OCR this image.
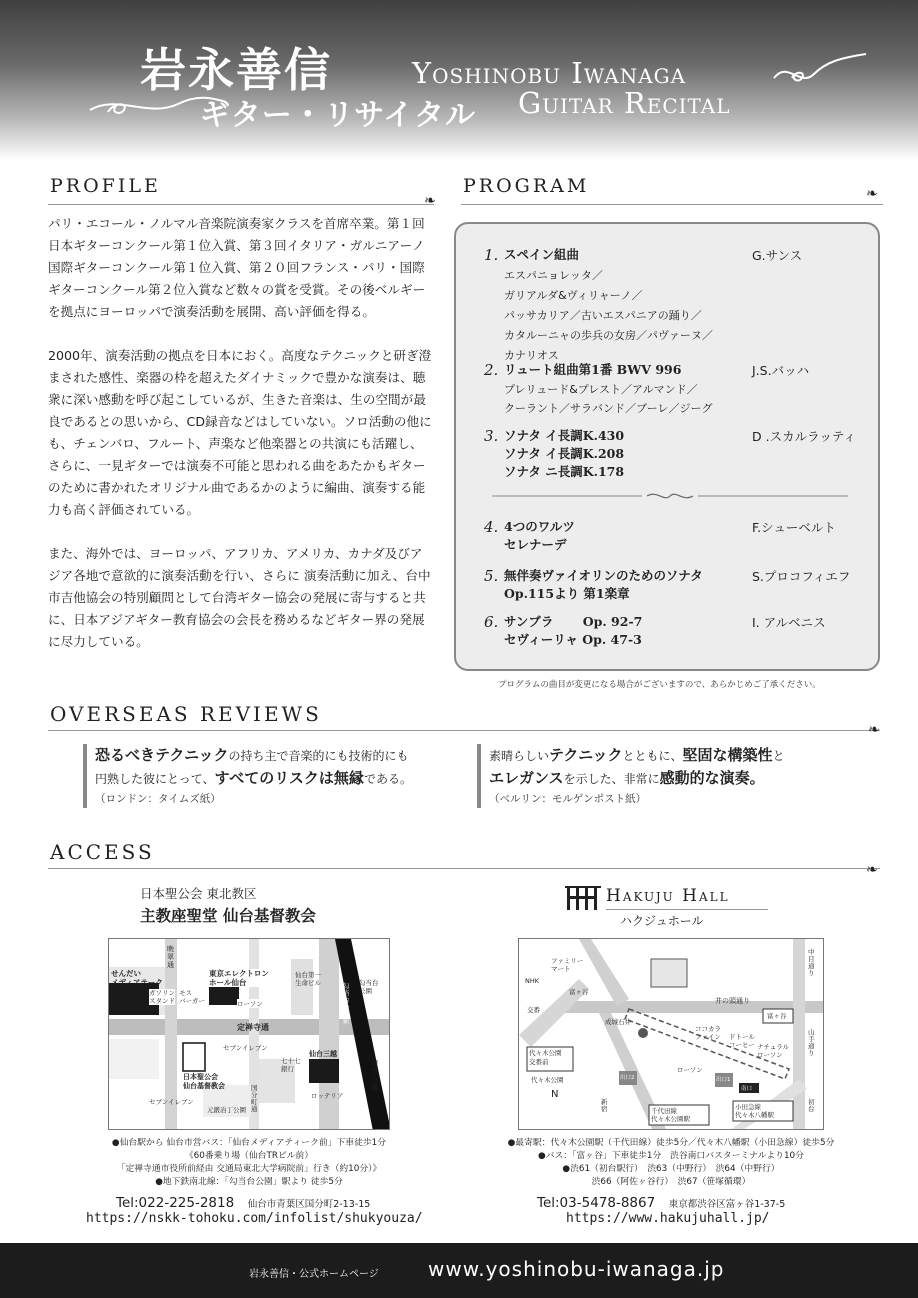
岩永善信
ギター・リサイタル
Yoshinobu Iwanaga
Guitar Recital
PROFILE
❧

パリ・エコール・ノルマル音楽院演奏家クラスを首席卒業。第１回日本ギターコンクール第１位入賞、第３回イタリア・ガルニアーノ国際ギターコンクール第１位入賞、第２０回フランス・パリ・国際ギターコンクール第２位入賞など数々の賞を受賞。その後ベルギーを拠点にヨーロッパで演奏活動を展開、高い評価を得る。

2000年、演奏活動の拠点を日本におく。高度なテクニックと研ぎ澄まされた感性、楽器の枠を超えたダイナミックで豊かな演奏は、聴衆に深い感動を呼び起こしているが、生きた音楽は、生の空間が最良であるとの思いから、CD録音などはしていない。ソロ活動の他にも、チェンバロ、フルート、声楽など他楽器との共演にも活躍し、さらに、一見ギターでは演奏不可能と思われる曲をあたかもギターのために書かれたオリジナル曲であるかのように編曲、演奏する能力も高く評価されている。

また、海外では、ヨーロッパ、アフリカ、アメリカ、カナダ及びアジア各地で意欲的に演奏活動を行い、さらに 演奏活動に加え、台中市吉他協会の特別顧問として台湾ギター協会の発展に寄与すると共に、日本アジアギター教育協会の会長を務めるなどギター界の発展に尽力している。

PROGRAM	❧
1. スペイン組曲	G.サンス
エスパニョレッタ／
ガリアルダ&ヴィリャーノ／
パッサカリア／古いエスパニアの踊り／
カタルーニャの歩兵の女房／パヴァーヌ／
カナリオス
2. リュート組曲第1番 BWV 996	J.S.バッハ
プレリュード&プレスト／アルマンド／
クーラント／サラバンド／ブーレ／ジーグ
3. ソナタ イ長調K.430
ソナタ イ長調K.208
ソナタ ニ長調K.178
D .スカルラッティ
4. 4つのワルツ
セレナーデ
F.シューベルト
5. 無伴奏ヴァイオリンのためのソナタ
Op.115より 第1楽章
S.プロコフィエフ
6. サンブラ　　 Op. 92-7
セヴィーリャ Op. 47-3
I. アルベニス
プログラムの曲目が変更になる場合がございますので、あらかじめご了承ください。
OVERSEAS REVIEWS
❧
恐るべきテクニックの持ち主で音楽的にも技術的にも
円熟した彼にとって、すべてのリスクは無縁である。
（ロンドン：タイムズ紙）
素晴らしいテクニックとともに、堅固な構築性と
エレガンスを示した、非常に感動的な演奏。
（ベルリン：モルゲンポスト紙）
ACCESS
❧
日本聖公会 東北教区
主教座聖堂 仙台基督教会
晩翠通
せんだい
メディアテーク
ガソリン
スタンド
モス
バーガー
東京エレクトロン
ホール仙台
ローソン
仙台第一
生命ビル	勾当台
公園
定禅寺通
セブンイレブン
日本聖公会
仙台基督教会
七十七
銀行
仙台三越
セブンイレブン
元鍛冶丁公園
ロッテリア
勾当台公園駅
国分町通
勾当台通
●仙台駅から 仙台市営バス：「仙台メディアティーク前」下車徒歩1分
《60番乗り場（仙台TRビル前）
「定禅寺通市役所前経由 交通局東北大学病院前」行き（約10分）》
●地下鉄南北線：「勾当台公園」駅より 徒歩5分
Tel:022-225-2818　 仙台市青葉区国分町2-13-15
https://nskk-tohoku.com/infolist/shukyouza/
Hakuju Hall
ハクジュホール
ファミリー
マート
井の頭通り
富ヶ谷
富ヶ谷
交番
NHK
成城石井
ココカラ
ファイン ドトール
コーヒー ナチュラル
ローソン
ローソン
代々木公園
交番前
代々木公園	出口2	出口1
南口
千代田線
代々木公園駅
小田急線
代々木八幡駅
山手通り
中目通り
新宿
初台
N
●最寄駅：代々木公園駅（千代田線）徒歩5分／代々木八幡駅（小田急線）徒歩5分
●バス：「富ヶ谷」下車徒歩1分　渋谷南口バスターミナルより10分
●渋61（初台駅行）　渋63（中野行）　渋64（中野行）
渋66（阿佐ヶ谷行）　渋67（笹塚循環）
Tel:03-5478-8867　 東京都渋谷区富ヶ谷1-37-5
https://www.hakujuhall.jp/
岩永善信・公式ホームページ www.yoshinobu-iwanaga.jp
